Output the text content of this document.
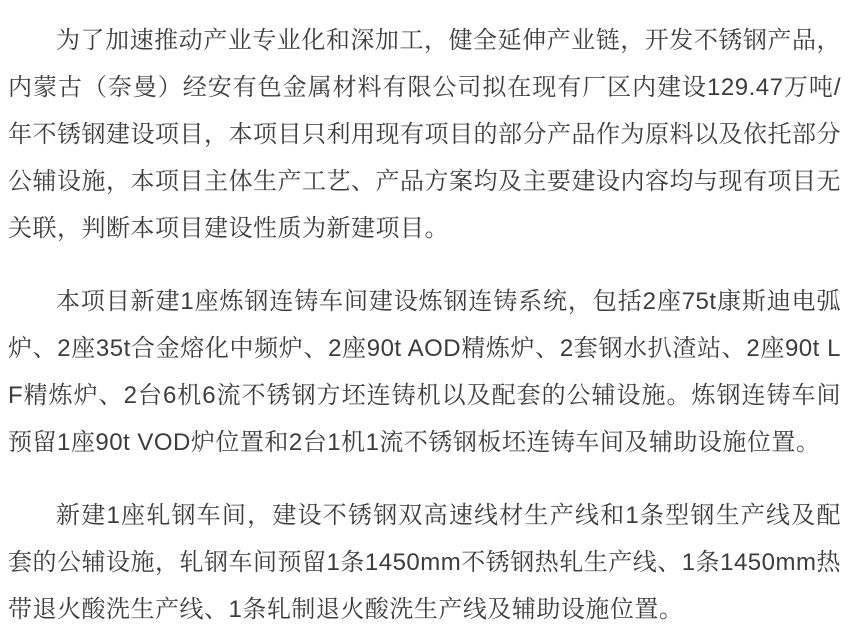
为了加速推动产业专业化和深加工，健全延伸产业链，开发不锈钢产品，内蒙古（奈曼）经安有色金属材料有限公司拟在现有厂区内建设129.47万吨/年不锈钢建设项目，本项目只利用现有项目的部分产品作为原料以及依托部分公辅设施，本项目主体生产工艺、产品方案均及主要建设内容均与现有项目无关联，判断本项目建设性质为新建项目。

本项目新建1座炼钢连铸车间建设炼钢连铸系统，包括2座75t康斯迪电弧炉、2座35t合金熔化中频炉、2座90t AOD精炼炉、2套钢水扒渣站、2座90t LF精炼炉、2台6机6流不锈钢方坯连铸机以及配套的公辅设施。炼钢连铸车间预留1座90t VOD炉位置和2台1机1流不锈钢板坯连铸车间及辅助设施位置。

新建1座轧钢车间，建设不锈钢双高速线材生产线和1条型钢生产线及配套的公辅设施，轧钢车间预留1条1450mm不锈钢热轧生产线、1条1450mm热带退火酸洗生产线、1条轧制退火酸洗生产线及辅助设施位置。
